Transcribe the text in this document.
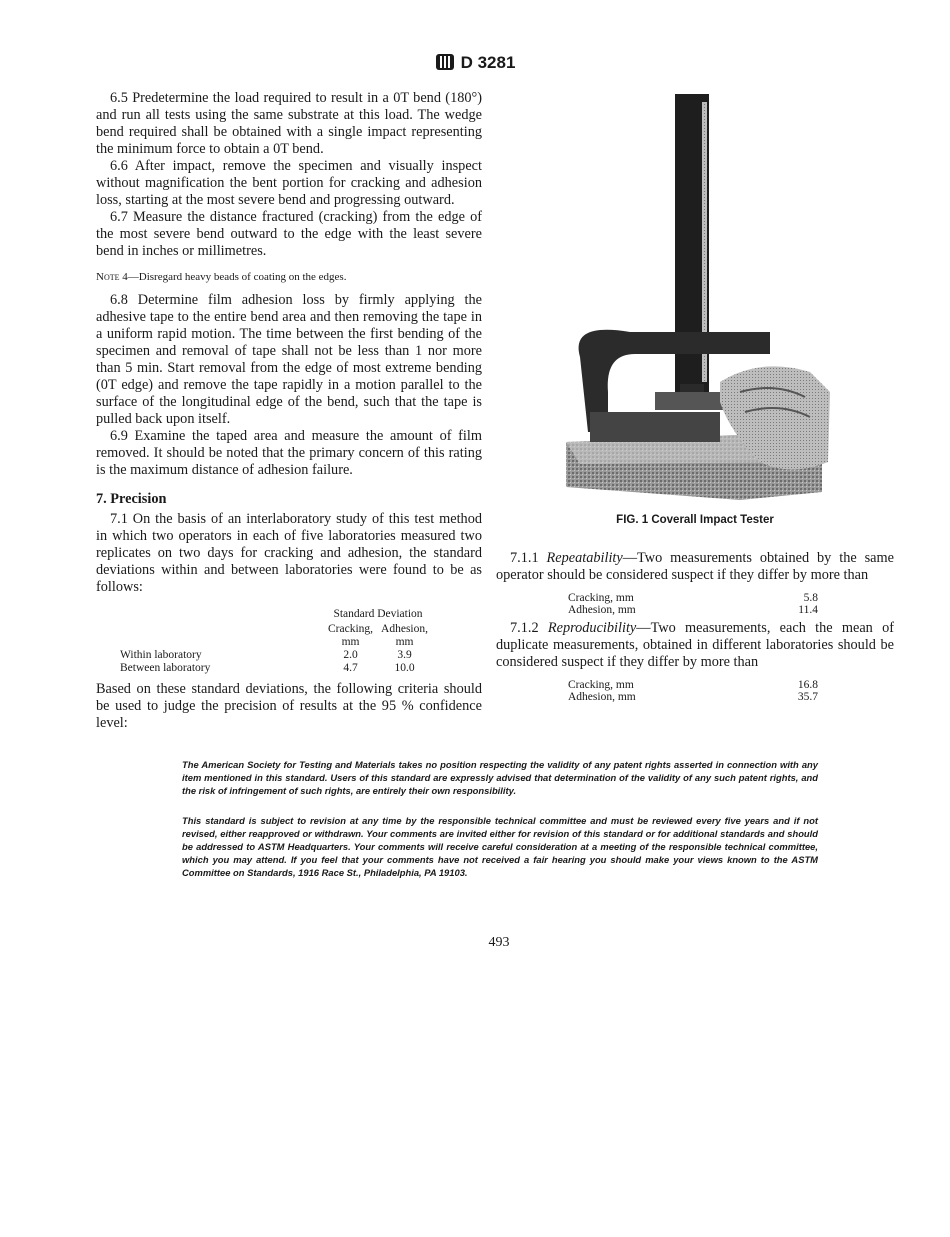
D 3281

6.5 Predetermine the load required to result in a 0T bend (180°) and run all tests using the same substrate at this load. The wedge bend required shall be obtained with a single impact representing the minimum force to obtain a 0T bend.

6.6 After impact, remove the specimen and visually inspect without magnification the bent portion for cracking and adhesion loss, starting at the most severe bend and progressing outward.

6.7 Measure the distance fractured (cracking) from the edge of the most severe bend outward to the edge with the least severe bend in inches or millimetres.

Note 4—Disregard heavy beads of coating on the edges.

6.8 Determine film adhesion loss by firmly applying the adhesive tape to the entire bend area and then removing the tape in a uniform rapid motion. The time between the first bending of the specimen and removal of tape shall not be less than 1 nor more than 5 min. Start removal from the edge of most extreme bending (0T edge) and remove the tape rapidly in a motion parallel to the surface of the longitudinal edge of the bend, such that the tape is pulled back upon itself.

6.9 Examine the taped area and measure the amount of film removed. It should be noted that the primary concern of this rating is the maximum distance of adhesion failure.

7. Precision

7.1 On the basis of an interlaboratory study of this test method in which two operators in each of five laboratories measured two replicates on two days for cracking and adhesion, the standard deviations within and between laboratories were found to be as follows:

	Standard Deviation	
	Cracking,	Adhesion,
	mm	mm
Within laboratory	2.0	3.9
Between laboratory	4.7	10.0

Based on these standard deviations, the following criteria should be used to judge the precision of results at the 95 % confidence level:

FIG. 1 Coverall Impact Tester

7.1.1 Repeatability—Two measurements obtained by the same operator should be considered suspect if they differ by more than

Cracking, mm	5.8
Adhesion, mm	11.4

7.1.2 Reproducibility—Two measurements, each the mean of duplicate measurements, obtained in different laboratories should be considered suspect if they differ by more than

Cracking, mm	16.8
Adhesion, mm	35.7
The American Society for Testing and Materials takes no position respecting the validity of any patent rights asserted in connection with any item mentioned in this standard. Users of this standard are expressly advised that determination of the validity of any such patent rights, and the risk of infringement of such rights, are entirely their own responsibility.
This standard is subject to revision at any time by the responsible technical committee and must be reviewed every five years and if not revised, either reapproved or withdrawn. Your comments are invited either for revision of this standard or for additional standards and should be addressed to ASTM Headquarters. Your comments will receive careful consideration at a meeting of the responsible technical committee, which you may attend. If you feel that your comments have not received a fair hearing you should make your views known to the ASTM Committee on Standards, 1916 Race St., Philadelphia, PA 19103.
493
